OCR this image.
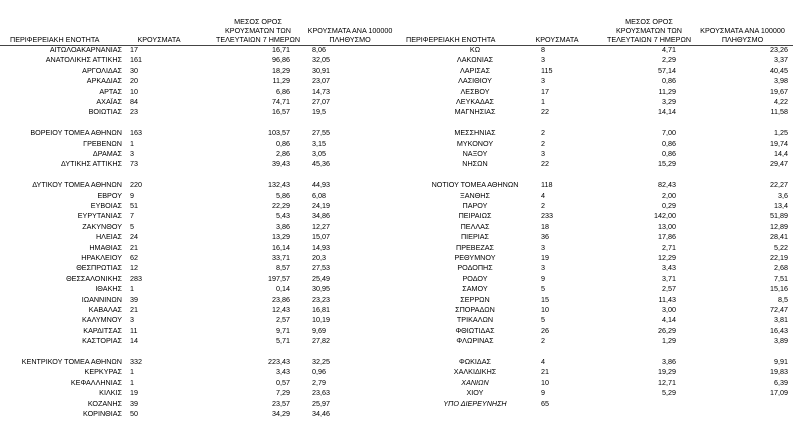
ΠΕΡΙΦΕΡΕΙΑΚΗ ΕΝΟΤΗΤΑ	ΚΡΟΥΣΜΑΤΑ
ΜΕΣΟΣ ΟΡΟΣ
ΚΡΟΥΣΜΑΤΩΝ ΤΩΝ
ΤΕΛΕΥΤΑΙΩΝ 7 ΗΜΕΡΩΝ
ΚΡΟΥΣΜΑΤΑ ΑΝΑ 100000
ΠΛΗΘΥΣΜΟ
ΑΙΤΩΛΟΑΚΑΡΝΑΝΙΑΣ 17	16,71	8,06
ΑΝΑΤΟΛΙΚΗΣ ΑΤΤΙΚΗΣ 161	96,86	32,05
ΑΡΓΟΛΙΔΑΣ 30	18,29	30,91
ΑΡΚΑΔΙΑΣ 20	11,29	23,07
ΑΡΤΑΣ 10	6,86	14,73
ΑΧΑΪΑΣ 84	74,71	27,07
ΒΟΙΩΤΙΑΣ 23	16,57	19,5
ΒΟΡΕΙΟΥ ΤΟΜΕΑ ΑΘΗΝΩΝ 163	103,57	27,55
ΓΡΕΒΕΝΩΝ 1	0,86	3,15
ΔΡΑΜΑΣ 3	2,86	3,05
ΔΥΤΙΚΗΣ ΑΤΤΙΚΗΣ 73	39,43	45,36
ΔΥΤΙΚΟΥ ΤΟΜΕΑ ΑΘΗΝΩΝ 220	132,43	44,93
ΕΒΡΟΥ 9	5,86	6,08
ΕΥΒΟΙΑΣ 51	22,29	24,19
ΕΥΡΥΤΑΝΙΑΣ 7	5,43	34,86
ΖΑΚΥΝΘΟΥ 5	3,86	12,27
ΗΛΕΙΑΣ 24	13,29	15,07
ΗΜΑΘΙΑΣ 21	16,14	14,93
ΗΡΑΚΛΕΙΟΥ 62	33,71	20,3
ΘΕΣΠΡΩΤΙΑΣ 12	8,57	27,53
ΘΕΣΣΑΛΟΝΙΚΗΣ 283	197,57	25,49
ΙΘΑΚΗΣ 1	0,14	30,95
ΙΩΑΝΝΙΝΩΝ 39	23,86	23,23
ΚΑΒΑΛΑΣ 21	12,43	16,81
ΚΑΛΥΜΝΟΥ 3	2,57	10,19
ΚΑΡΔΙΤΣΑΣ 11	9,71	9,69
ΚΑΣΤΟΡΙΑΣ 14	5,71	27,82
ΚΕΝΤΡΙΚΟΥ ΤΟΜΕΑ ΑΘΗΝΩΝ 332	223,43	32,25
ΚΕΡΚΥΡΑΣ 1	3,43	0,96
ΚΕΦΑΛΛΗΝΙΑΣ 1	0,57	2,79
ΚΙΛΚΙΣ 19	7,29	23,63
ΚΟΖΑΝΗΣ 39	23,57	25,97
ΚΟΡΙΝΘΙΑΣ 50	34,29	34,46
ΠΕΡΙΦΕΡΕΙΑΚΗ ΕΝΟΤΗΤΑ	ΚΡΟΥΣΜΑΤΑ
ΜΕΣΟΣ ΟΡΟΣ
ΚΡΟΥΣΜΑΤΩΝ ΤΩΝ
ΤΕΛΕΥΤΑΙΩΝ 7 ΗΜΕΡΩΝ
ΚΡΟΥΣΜΑΤΑ ΑΝΑ 100000
ΠΛΗΘΥΣΜΟ
ΚΩ	8	4,71	23,26
ΛΑΚΩΝΙΑΣ	3	2,29	3,37
ΛΑΡΙΣΑΣ	115	57,14	40,45
ΛΑΣΙΘΙΟΥ	3	0,86	3,98
ΛΕΣΒΟΥ	17	11,29	19,67
ΛΕΥΚΑΔΑΣ	1	3,29	4,22
ΜΑΓΝΗΣΙΑΣ	22	14,14	11,58
ΜΕΣΣΗΝΙΑΣ	2	7,00	1,25
ΜΥΚΟΝΟΥ	2	0,86	19,74
ΝΑΞΟΥ	3	0,86	14,4
ΝΗΣΩΝ	22	15,29	29,47
ΝΟΤΙΟΥ ΤΟΜΕΑ ΑΘΗΝΩΝ	118	82,43	22,27
ΞΑΝΘΗΣ	4	2,00	3,6
ΠΑΡΟΥ	2	0,29	13,4
ΠΕΙΡΑΙΩΣ	233	142,00	51,89
ΠΕΛΛΑΣ	18	13,00	12,89
ΠΙΕΡΙΑΣ	36	17,86	28,41
ΠΡΕΒΕΖΑΣ	3	2,71	5,22
ΡΕΘΥΜΝΟΥ	19	12,29	22,19
ΡΟΔΟΠΗΣ	3	3,43	2,68
ΡΟΔΟΥ	9	3,71	7,51
ΣΑΜΟΥ	5	2,57	15,16
ΣΕΡΡΩΝ	15	11,43	8,5
ΣΠΟΡΑΔΩΝ	10	3,00	72,47
ΤΡΙΚΑΛΩΝ	5	4,14	3,81
ΦΘΙΩΤΙΔΑΣ	26	26,29	16,43
ΦΛΩΡΙΝΑΣ	2	1,29	3,89
ΦΩΚΙΔΑΣ	4	3,86	9,91
ΧΑΛΚΙΔΙΚΗΣ	21	19,29	19,83
ΧΑΝΙΩΝ	10	12,71	6,39
ΧΙΟΥ	9	5,29	17,09
ΥΠΟ ΔΙΕΡΕΥΝΗΣΗ	65
